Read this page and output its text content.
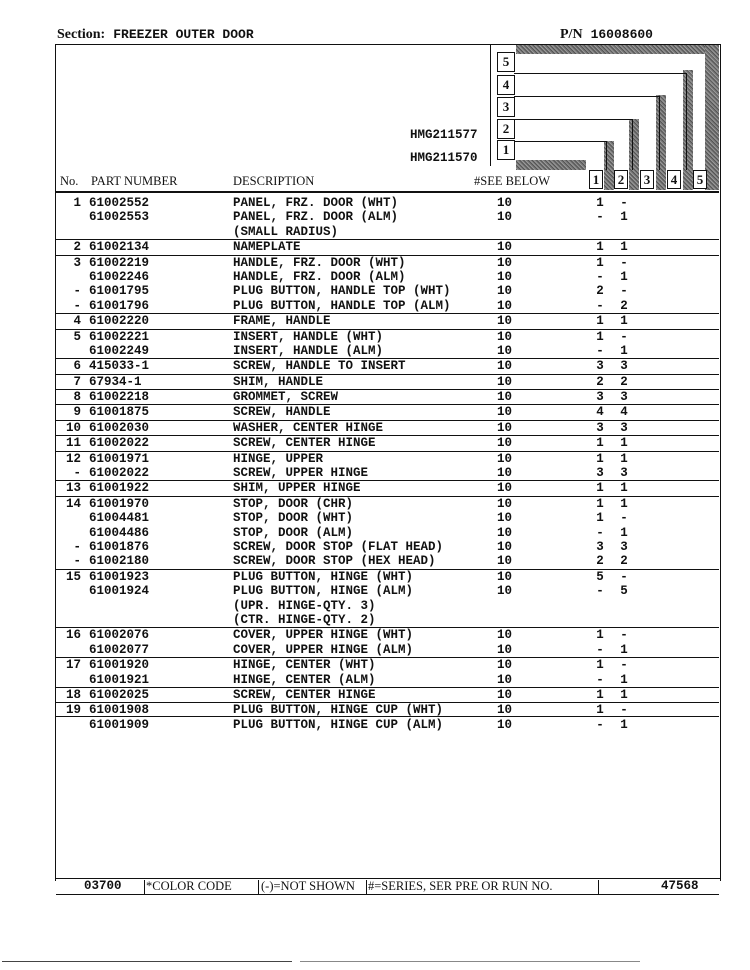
Section: FREEZER OUTER DOOR	P/N 16008600
5
4
3
2
1
HMG211577
HMG211570
1 2 3 4 5
No. PART NUMBER	DESCRIPTION	#SEE BELOW
1 61002552	PANEL, FRZ. DOOR (WHT)	10	1 -
61002553	PANEL, FRZ. DOOR (ALM)	10	- 1
(SMALL RADIUS)
2 61002134	NAMEPLATE	10	1 1
3 61002219	HANDLE, FRZ. DOOR (WHT)	10	1 -
61002246	HANDLE, FRZ. DOOR (ALM)	10	- 1
- 61001795	PLUG BUTTON, HANDLE TOP (WHT)	10	2 -
- 61001796	PLUG BUTTON, HANDLE TOP (ALM)	10	- 2
4 61002220	FRAME, HANDLE	10	1 1
5 61002221	INSERT, HANDLE (WHT)	10	1 -
61002249	INSERT, HANDLE (ALM)	10	- 1
6 415033-1	SCREW, HANDLE TO INSERT	10	3 3
7 67934-1	SHIM, HANDLE	10	2 2
8 61002218	GROMMET, SCREW	10	3 3
9 61001875	SCREW, HANDLE	10	4 4
10 61002030	WASHER, CENTER HINGE	10	3 3
11 61002022	SCREW, CENTER HINGE	10	1 1
12 61001971	HINGE, UPPER	10	1 1
- 61002022	SCREW, UPPER HINGE	10	3 3
13 61001922	SHIM, UPPER HINGE	10	1 1
14 61001970	STOP, DOOR (CHR)	10	1 1
61004481	STOP, DOOR (WHT)	10	1 -
61004486	STOP, DOOR (ALM)	10	- 1
- 61001876	SCREW, DOOR STOP (FLAT HEAD)	10	3 3
- 61002180	SCREW, DOOR STOP (HEX HEAD)	10	2 2
15 61001923	PLUG BUTTON, HINGE (WHT)	10	5 -
61001924	PLUG BUTTON, HINGE (ALM)	10	- 5
(UPR. HINGE-QTY. 3)
(CTR. HINGE-QTY. 2)
16 61002076	COVER, UPPER HINGE (WHT)	10	1 -
61002077	COVER, UPPER HINGE (ALM)	10	- 1
17 61001920	HINGE, CENTER (WHT)	10	1 -
61001921	HINGE, CENTER (ALM)	10	- 1
18 61002025	SCREW, CENTER HINGE	10	1 1
19 61001908	PLUG BUTTON, HINGE CUP (WHT)	10	1 -
61001909	PLUG BUTTON, HINGE CUP (ALM)	10	- 1
03700 *COLOR CODE (-)=NOT SHOWN #=SERIES, SER PRE OR RUN NO.	47568
